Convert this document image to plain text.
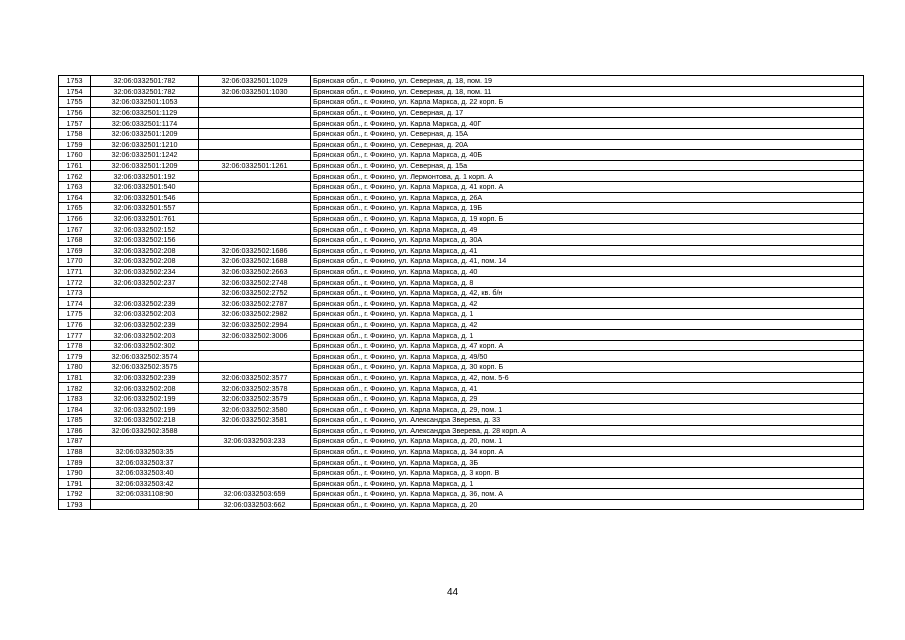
1753	32:06:0332501:782	32:06:0332501:1029	Брянская обл., г. Фокино, ул. Северная, д. 18, пом. 19
1754	32:06:0332501:782	32:06:0332501:1030	Брянская обл., г. Фокино, ул. Северная, д. 18, пом. 11
1755	32:06:0332501:1053		Брянская обл., г. Фокино, ул. Карла Маркса, д. 22 корп. Б
1756	32:06:0332501:1129		Брянская обл., г. Фокино, ул. Северная, д. 17
1757	32:06:0332501:1174		Брянская обл., г. Фокино, ул. Карла Маркса, д. 40Г
1758	32:06:0332501:1209		Брянская обл., г. Фокино, ул. Северная, д. 15А
1759	32:06:0332501:1210		Брянская обл., г. Фокино, ул. Северная, д. 20А
1760	32:06:0332501:1242		Брянская обл., г. Фокино, ул. Карла Маркса, д. 40Б
1761	32:06:0332501:1209	32:06:0332501:1261	Брянская обл., г. Фокино, ул. Северная, д. 15а
1762	32:06:0332501:192		Брянская обл., г. Фокино, ул. Лермонтова, д. 1 корп. А
1763	32:06:0332501:540		Брянская обл., г. Фокино, ул. Карла Маркса, д. 41 корп. А
1764	32:06:0332501:546		Брянская обл., г. Фокино, ул. Карла Маркса, д. 26А
1765	32:06:0332501:557		Брянская обл., г. Фокино, ул. Карла Маркса, д. 19Б
1766	32:06:0332501:761		Брянская обл., г. Фокино, ул. Карла Маркса, д. 19 корп. Б
1767	32:06:0332502:152		Брянская обл., г. Фокино, ул. Карла Маркса, д. 49
1768	32:06:0332502:156		Брянская обл., г. Фокино, ул. Карла Маркса, д. 30А
1769	32:06:0332502:208	32:06:0332502:1686	Брянская обл., г. Фокино, ул. Карла Маркса, д. 41
1770	32:06:0332502:208	32:06:0332502:1688	Брянская обл., г. Фокино, ул. Карла Маркса, д. 41, пом. 14
1771	32:06:0332502:234	32:06:0332502:2663	Брянская обл., г. Фокино, ул. Карла Маркса, д. 40
1772	32:06:0332502:237	32:06:0332502:2748	Брянская обл., г. Фокино, ул. Карла Маркса, д. 8
1773		32:06:0332502:2752	Брянская обл., г. Фокино, ул. Карла Маркса, д. 42, кв. б/н
1774	32:06:0332502:239	32:06:0332502:2787	Брянская обл., г. Фокино, ул. Карла Маркса, д. 42
1775	32:06:0332502:203	32:06:0332502:2982	Брянская обл., г. Фокино, ул. Карла Маркса, д. 1
1776	32:06:0332502:239	32:06:0332502:2994	Брянская обл., г. Фокино, ул. Карла Маркса, д. 42
1777	32:06:0332502:203	32:06:0332502:3006	Брянская обл., г. Фокино, ул. Карла Маркса, д. 1
1778	32:06:0332502:302		Брянская обл., г. Фокино, ул. Карла Маркса, д. 47 корп. А
1779	32:06:0332502:3574		Брянская обл., г. Фокино, ул. Карла Маркса, д. 49/50
1780	32:06:0332502:3575		Брянская обл., г. Фокино, ул. Карла Маркса, д. 30 корп. Б
1781	32:06:0332502:239	32:06:0332502:3577	Брянская обл., г. Фокино, ул. Карла Маркса, д. 42, пом. 5-6
1782	32:06:0332502:208	32:06:0332502:3578	Брянская обл., г. Фокино, ул. Карла Маркса, д. 41
1783	32:06:0332502:199	32:06:0332502:3579	Брянская обл., г. Фокино, ул. Карла Маркса, д. 29
1784	32:06:0332502:199	32:06:0332502:3580	Брянская обл., г. Фокино, ул. Карла Маркса, д. 29, пом. 1
1785	32:06:0332502:218	32:06:0332502:3581	Брянская обл., г. Фокино, ул. Александра Зверева, д. 33
1786	32:06:0332502:3588		Брянская обл., г. Фокино, ул. Александра Зверева, д. 28 корп. А
1787		32:06:0332503:233	Брянская обл., г. Фокино, ул. Карла Маркса, д. 20, пом. 1
1788	32:06:0332503:35		Брянская обл., г. Фокино, ул. Карла Маркса, д. 34 корп. А
1789	32:06:0332503:37		Брянская обл., г. Фокино, ул. Карла Маркса, д. 3Б
1790	32:06:0332503:40		Брянская обл., г. Фокино, ул. Карла Маркса, д. 3 корп. В
1791	32:06:0332503:42		Брянская обл., г. Фокино, ул. Карла Маркса, д. 1
1792	32:06:0331108:90	32:06:0332503:659	Брянская обл., г. Фокино, ул. Карла Маркса, д. 36, пом. А
1793		32:06:0332503:662	Брянская обл., г. Фокино, ул. Карла Маркса, д. 20
44
